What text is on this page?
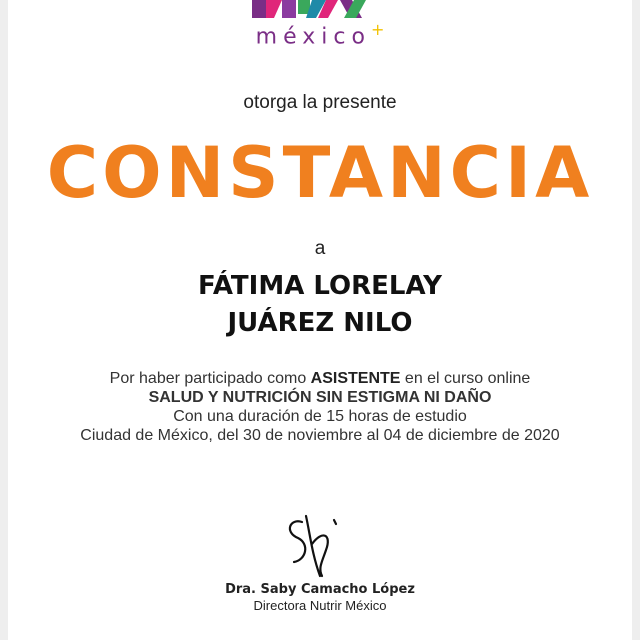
méxico+

otorga la presente

CONSTANCIA

a

FÁTIMA LORELAY

JUÁREZ NILO

Por haber participado como ASISTENTE en el curso online

SALUD Y NUTRICIÓN SIN ESTIGMA NI DAÑO

Con una duración de 15 horas de estudio

Ciudad de México, del 30 de noviembre al 04 de diciembre de 2020

Dra. Saby Camacho López

Directora Nutrir México
